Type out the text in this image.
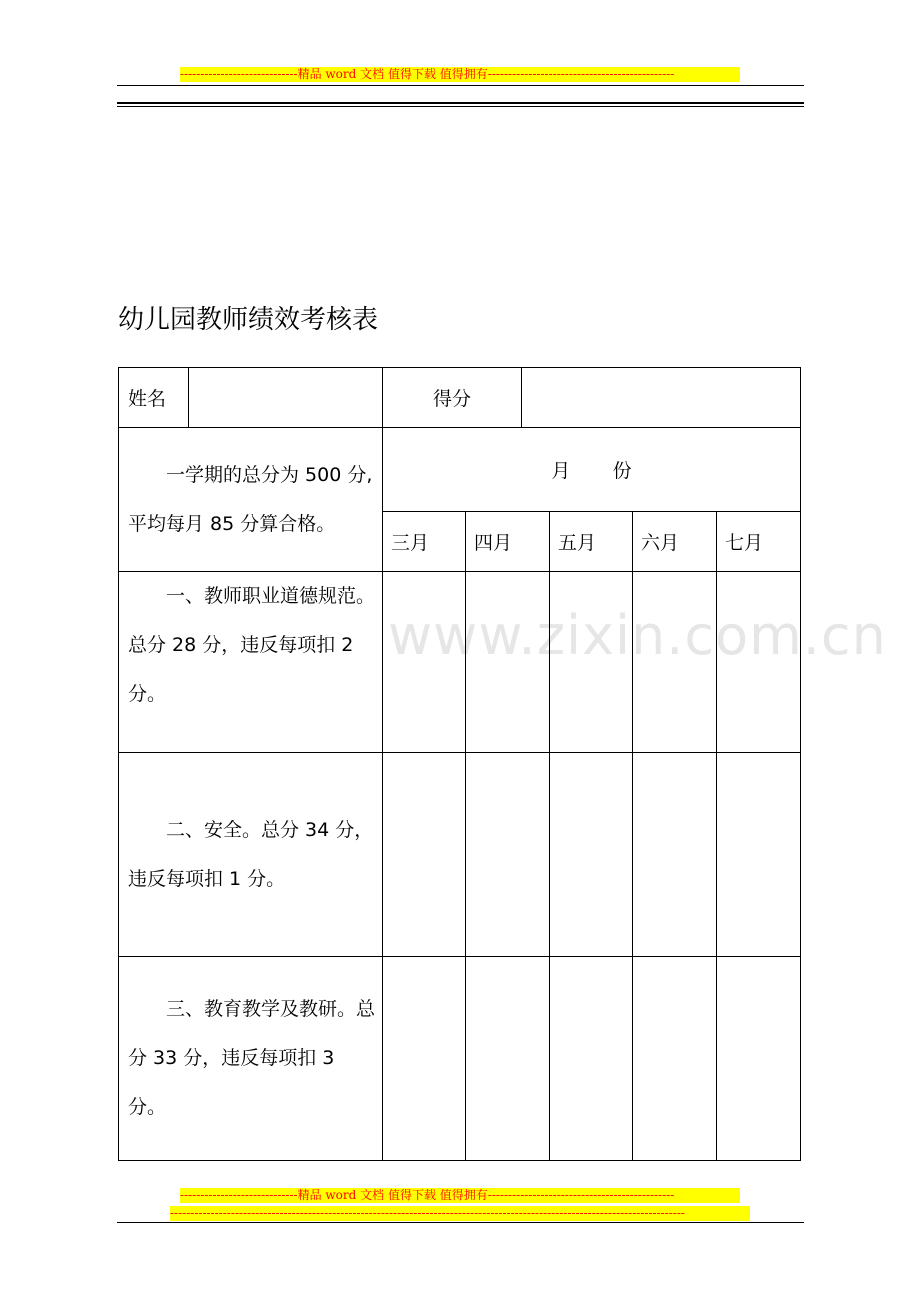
-----------------------------精品 word 文档 值得下载 值得拥有----------------------------------------------
幼儿园教师绩效考核表
www.zixin.com.cn
姓名		得分					
一学期的总分为 500 分,平均每月 85 分算合格。		月       份					
		三月	四月		五月	六月	七月
一、教师职业道德规范。总分 28 分，违反每项扣 2 分。							
二、安全。总分 34 分，违反每项扣 1 分。							
三、教育教学及教研。总分 33 分，违反每项扣 3 分。							
-----------------------------精品 word 文档 值得下载 值得拥有----------------------------------------------
-------------------------------------------------------------------------------------------------------------------------------
